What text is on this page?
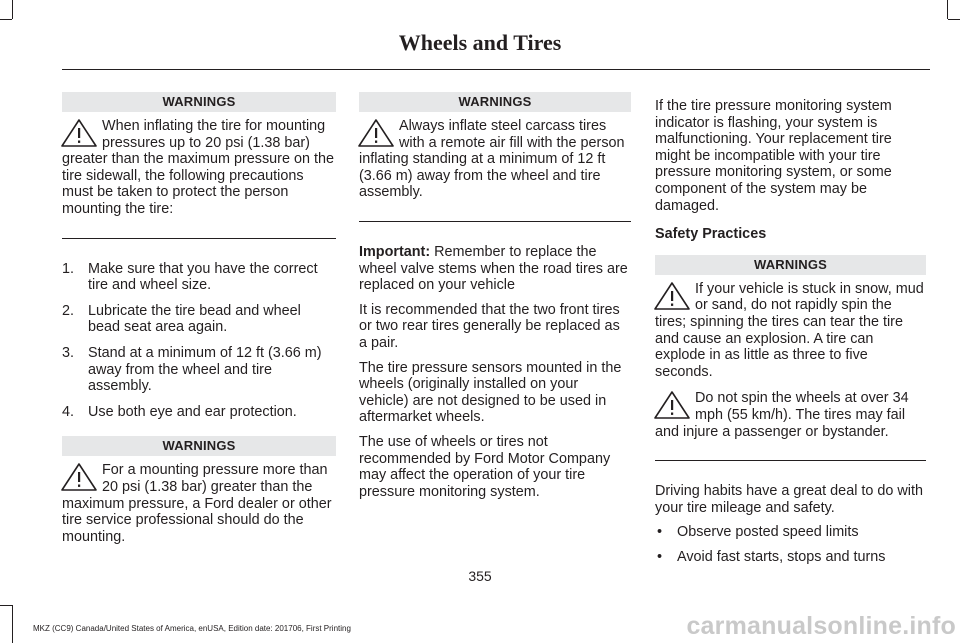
Wheels and Tires
WARNINGS

When inflating the tire for mounting pressures up to 20 psi (1.38 bar) greater than the maximum pressure on the tire sidewall, the following precautions must be taken to protect the person mounting the tire:

1. Make sure that you have the correct tire and wheel size.
2. Lubricate the tire bead and wheel bead seat area again.
3. Stand at a minimum of 12 ft (3.66 m) away from the wheel and tire assembly.
4. Use both eye and ear protection.
WARNINGS

For a mounting pressure more than 20 psi (1.38 bar) greater than the maximum pressure, a Ford dealer or other tire service professional should do the mounting.

WARNINGS

Always inflate steel carcass tires with a remote air fill with the person inflating standing at a minimum of 12 ft (3.66 m) away from the wheel and tire assembly.

Important: Remember to replace the wheel valve stems when the road tires are replaced on your vehicle

It is recommended that the two front tires or two rear tires generally be replaced as a pair.

The tire pressure sensors mounted in the wheels (originally installed on your vehicle) are not designed to be used in aftermarket wheels.

The use of wheels or tires not recommended by Ford Motor Company may affect the operation of your tire pressure monitoring system.

If the tire pressure monitoring system indicator is flashing, your system is malfunctioning. Your replacement tire might be incompatible with your tire pressure monitoring system, or some component of the system may be damaged.

Safety Practices

WARNINGS

If your vehicle is stuck in snow, mud or sand, do not rapidly spin the tires; spinning the tires can tear the tire and cause an explosion. A tire can explode in as little as three to five seconds.

Do not spin the wheels at over 34 mph (55 km/h). The tires may fail and injure a passenger or bystander.

Driving habits have a great deal to do with your tire mileage and safety.

• Observe posted speed limits
• Avoid fast starts, stops and turns
355
MKZ (CC9) Canada/United States of America, enUSA, Edition date: 201706, First Printing	carmanualsonline.info
